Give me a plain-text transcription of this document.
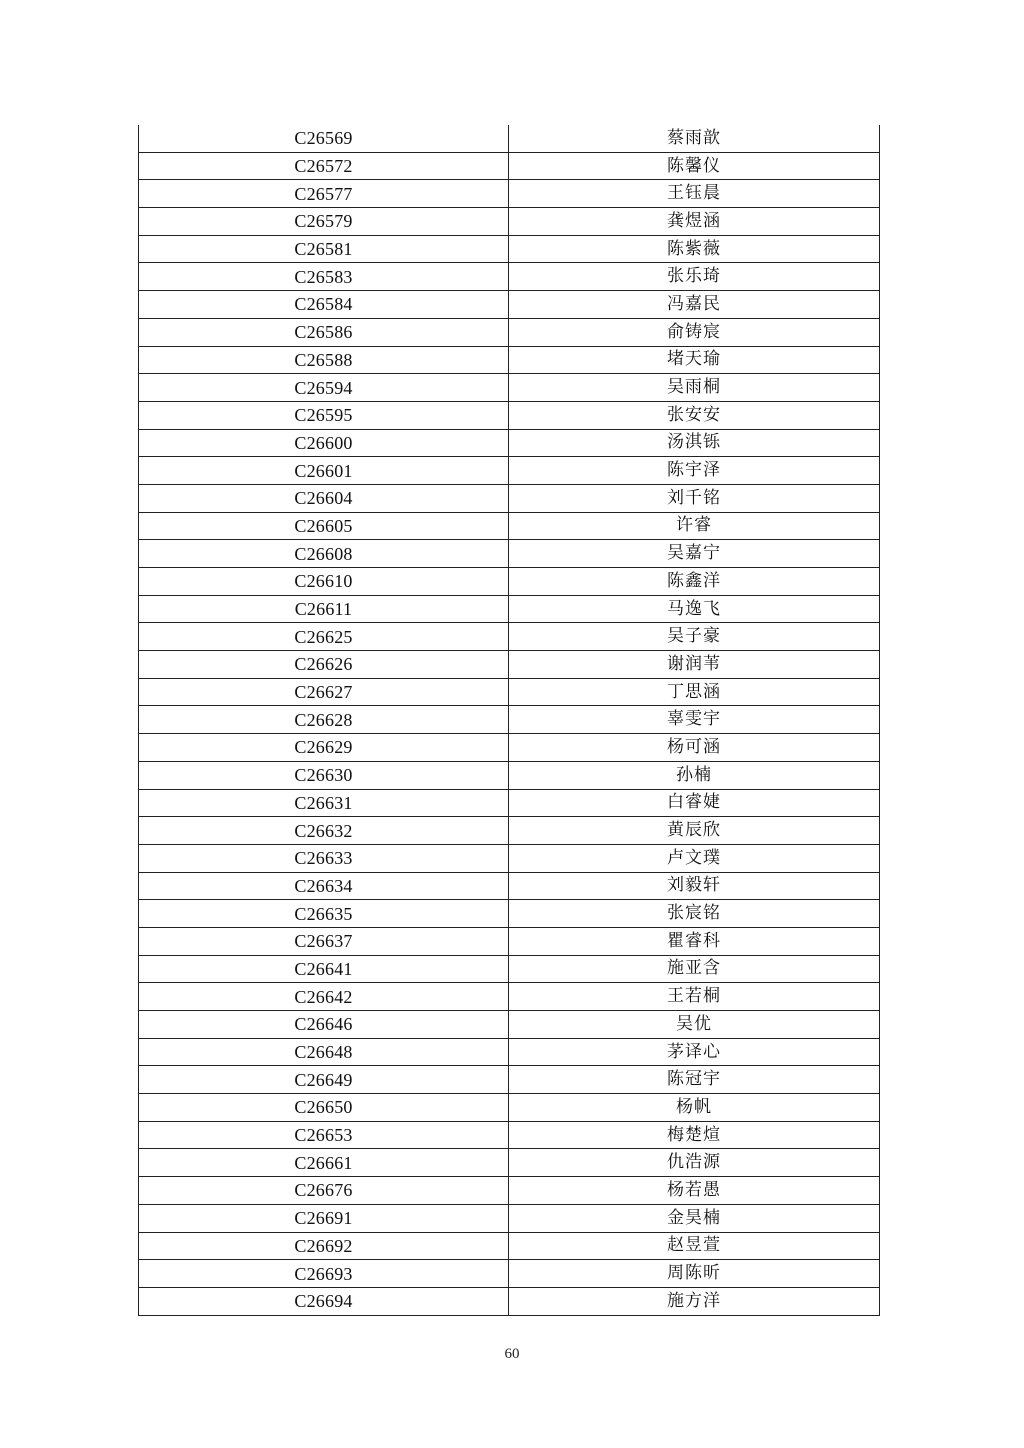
C26569	蔡雨歆
C26572	陈馨仪
C26577	王钰晨
C26579	龚煜涵
C26581	陈紫薇
C26583	张乐琦
C26584	冯嘉民
C26586	俞铸宸
C26588	堵天瑜
C26594	吴雨桐
C26595	张安安
C26600	汤淇铄
C26601	陈宇泽
C26604	刘千铭
C26605	许睿
C26608	吴嘉宁
C26610	陈鑫洋
C26611	马逸飞
C26625	吴子豪
C26626	谢润苇
C26627	丁思涵
C26628	辜雯宇
C26629	杨可涵
C26630	孙楠
C26631	白睿婕
C26632	黄辰欣
C26633	卢文璞
C26634	刘毅轩
C26635	张宸铭
C26637	瞿睿科
C26641	施亚含
C26642	王若桐
C26646	吴优
C26648	茅译心
C26649	陈冠宇
C26650	杨帆
C26653	梅楚煊
C26661	仇浩源
C26676	杨若愚
C26691	金昊楠
C26692	赵昱萱
C26693	周陈昕
C26694	施方洋
60
